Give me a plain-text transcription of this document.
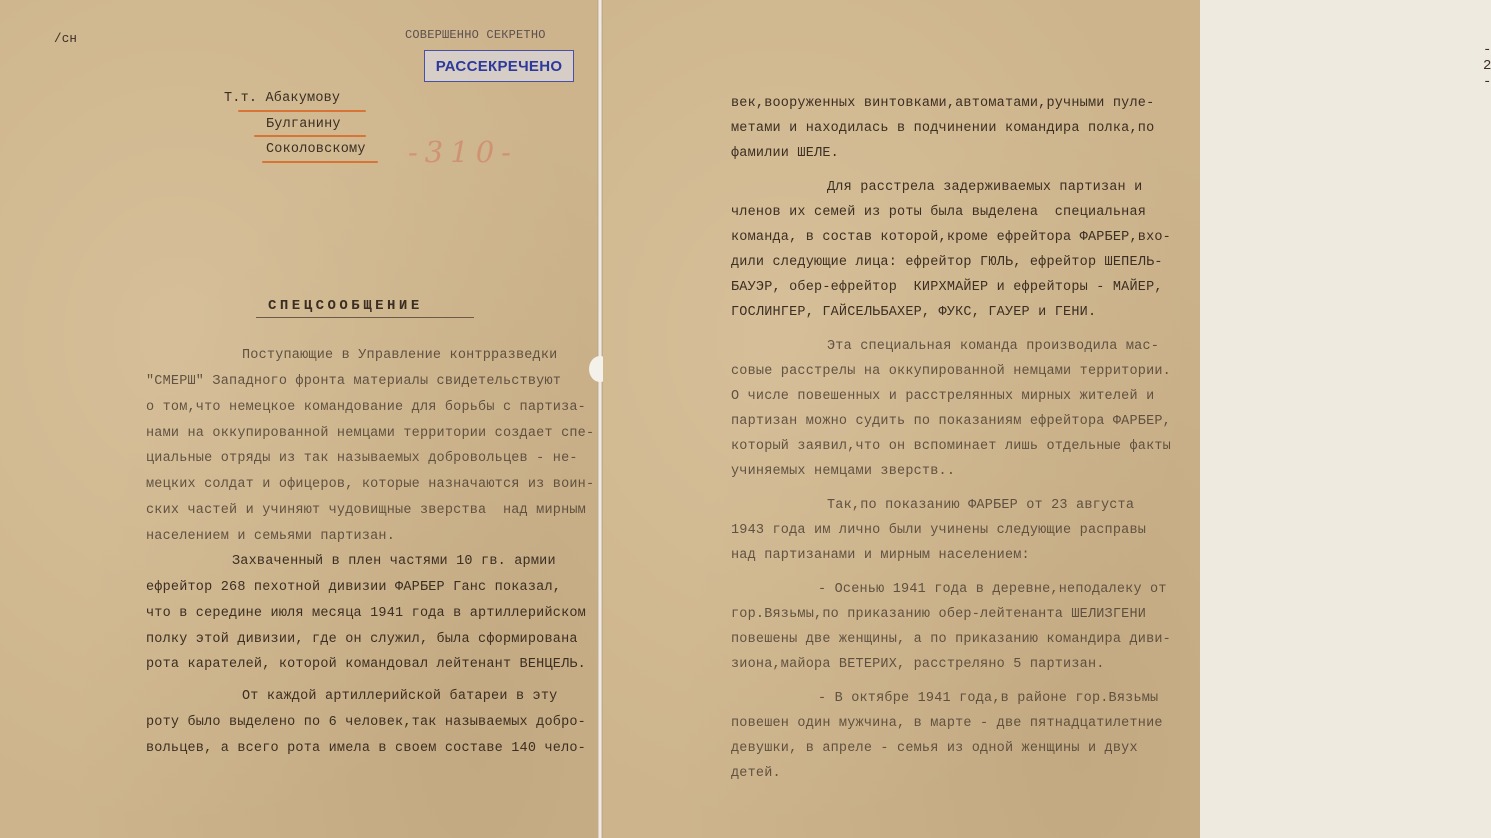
/сн	СОВЕРШЕННО СЕКРЕТНО
РАССЕКРЕЧЕНО
Т.т. Абакумову
Булганину
Соколовскому -310-
СПЕЦСООБЩЕНИЕ
Поступающие в Управление контрразведки
"СМЕРШ" Западного фронта материалы свидетельствуют
о том,что немецкое командование для борьбы с партиза-
нами на оккупированной немцами территории создает спе-
циальные отряды из так называемых добровольцев - не-
мецких солдат и офицеров, которые назначаются из воин-
ских частей и учиняют чудовищные зверства  над мирным
населением и семьями партизан.
Захваченный в плен частями 10 гв. армии
ефрейтор 268 пехотной дивизии ФАРБЕР Ганс показал,
что в середине июля месяца 1941 года в артиллерийском
полку этой дивизии, где он служил, была сформирована
рота карателей, которой командовал лейтенант ВЕНЦЕЛЬ.
От каждой артиллерийской батареи в эту
роту было выделено по 6 человек,так называемых добро-
вольцев, а всего рота имела в своем составе 140 чело-
- 2 -
век,вооруженных винтовками,автоматами,ручными пуле-
метами и находилась в подчинении командира полка,по
фамилии ШЕЛЕ.
Для расстрела задерживаемых партизан и
членов их семей из роты была выделена  специальная
команда, в состав которой,кроме ефрейтора ФАРБЕР,вхо-
дили следующие лица: ефрейтор ГЮЛЬ, ефрейтор ШЕПЕЛЬ-
БАУЭР, обер-ефрейтор  КИРХМАЙЕР и ефрейторы - МАЙЕР,
ГОСЛИНГЕР, ГАЙСЕЛЬБАХЕР, ФУКС, ГАУЕР и ГЕНИ.
Эта специальная команда производила мас-
совые расстрелы на оккупированной немцами территории.
О числе повешенных и расстрелянных мирных жителей и
партизан можно судить по показаниям ефрейтора ФАРБЕР,
который заявил,что он вспоминает лишь отдельные факты
учиняемых немцами зверств..
Так,по показанию ФАРБЕР от 23 августа
1943 года им лично были учинены следующие расправы
над партизанами и мирным населением:
- Осенью 1941 года в деревне,неподалеку от
гор.Вязьмы,по приказанию обер-лейтенанта ШЕЛИЗГЕНИ
повешены две женщины, а по приказанию командира диви-
зиона,майора ВЕТЕРИХ, расстреляно 5 партизан.
- В октябре 1941 года,в районе гор.Вязьмы
повешен один мужчина, в марте - две пятнадцатилетние
девушки, в апреле - семья из одной женщины и двух
детей.
